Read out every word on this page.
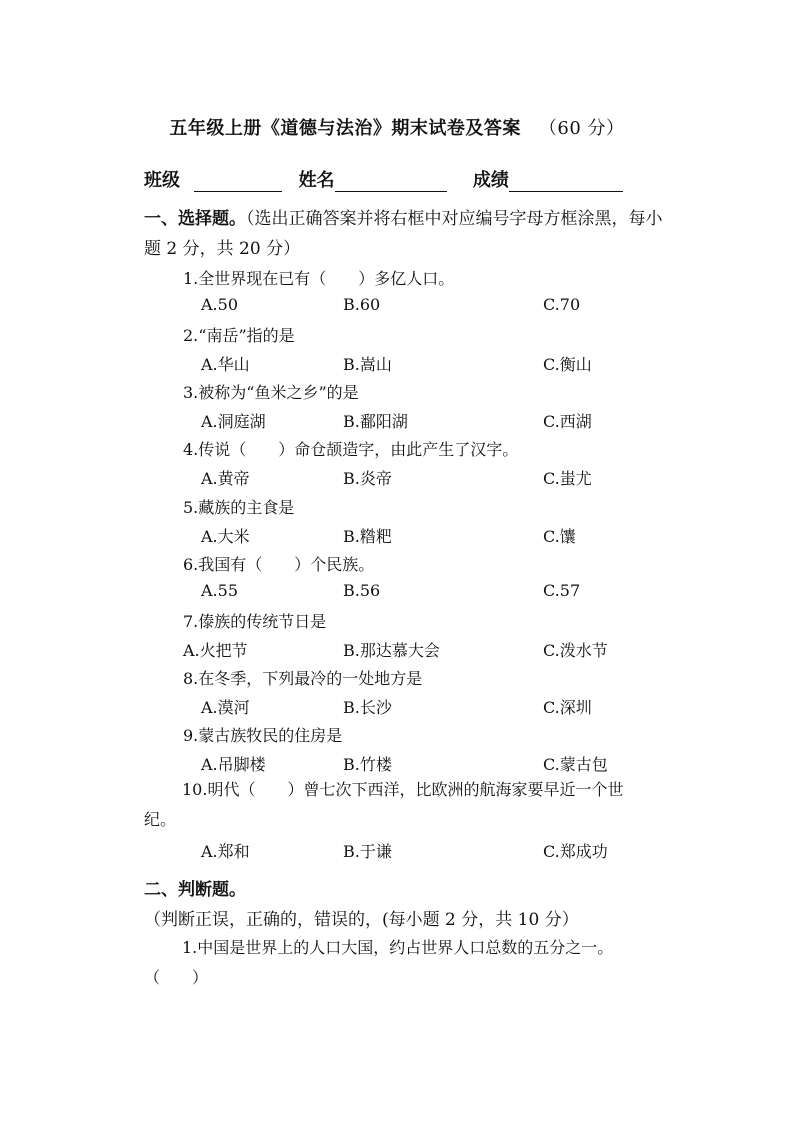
五年级上册《道德与法治》期末试卷及答案 （60 分）
班级	姓名	成绩
一、选择题。（选出正确答案并将右框中对应编号字母方框涂黑，每小题 2 分，共 20 分）
1.全世界现在已有（　　）多亿人口。
A.50	B.60	C.70
2.“南岳”指的是
A.华山	B.嵩山	C.衡山
3.被称为“鱼米之乡”的是
A.洞庭湖	B.鄱阳湖	C.西湖
4.传说（　　）命仓颉造字，由此产生了汉字。
A.黄帝	B.炎帝	C.蚩尤
5.藏族的主食是
A.大米	B.糌粑	C.馕
6.我国有（　　）个民族。
A.55	B.56	C.57
7.傣族的传统节日是
A.火把节	B.那达慕大会	C.泼水节
8.在冬季，下列最冷的一处地方是
A.漠河	B.长沙	C.深圳
9.蒙古族牧民的住房是
A.吊脚楼	B.竹楼	C.蒙古包
10.明代（　　）曾七次下西洋，比欧洲的航海家要早近一个世纪。
A.郑和	B.于谦	C.郑成功
二、判断题。（判断正误，正确的，错误的，(每小题 2 分，共 10 分）
1.中国是世界上的人口大国，约占世界人口总数的五分之一。（　　）
